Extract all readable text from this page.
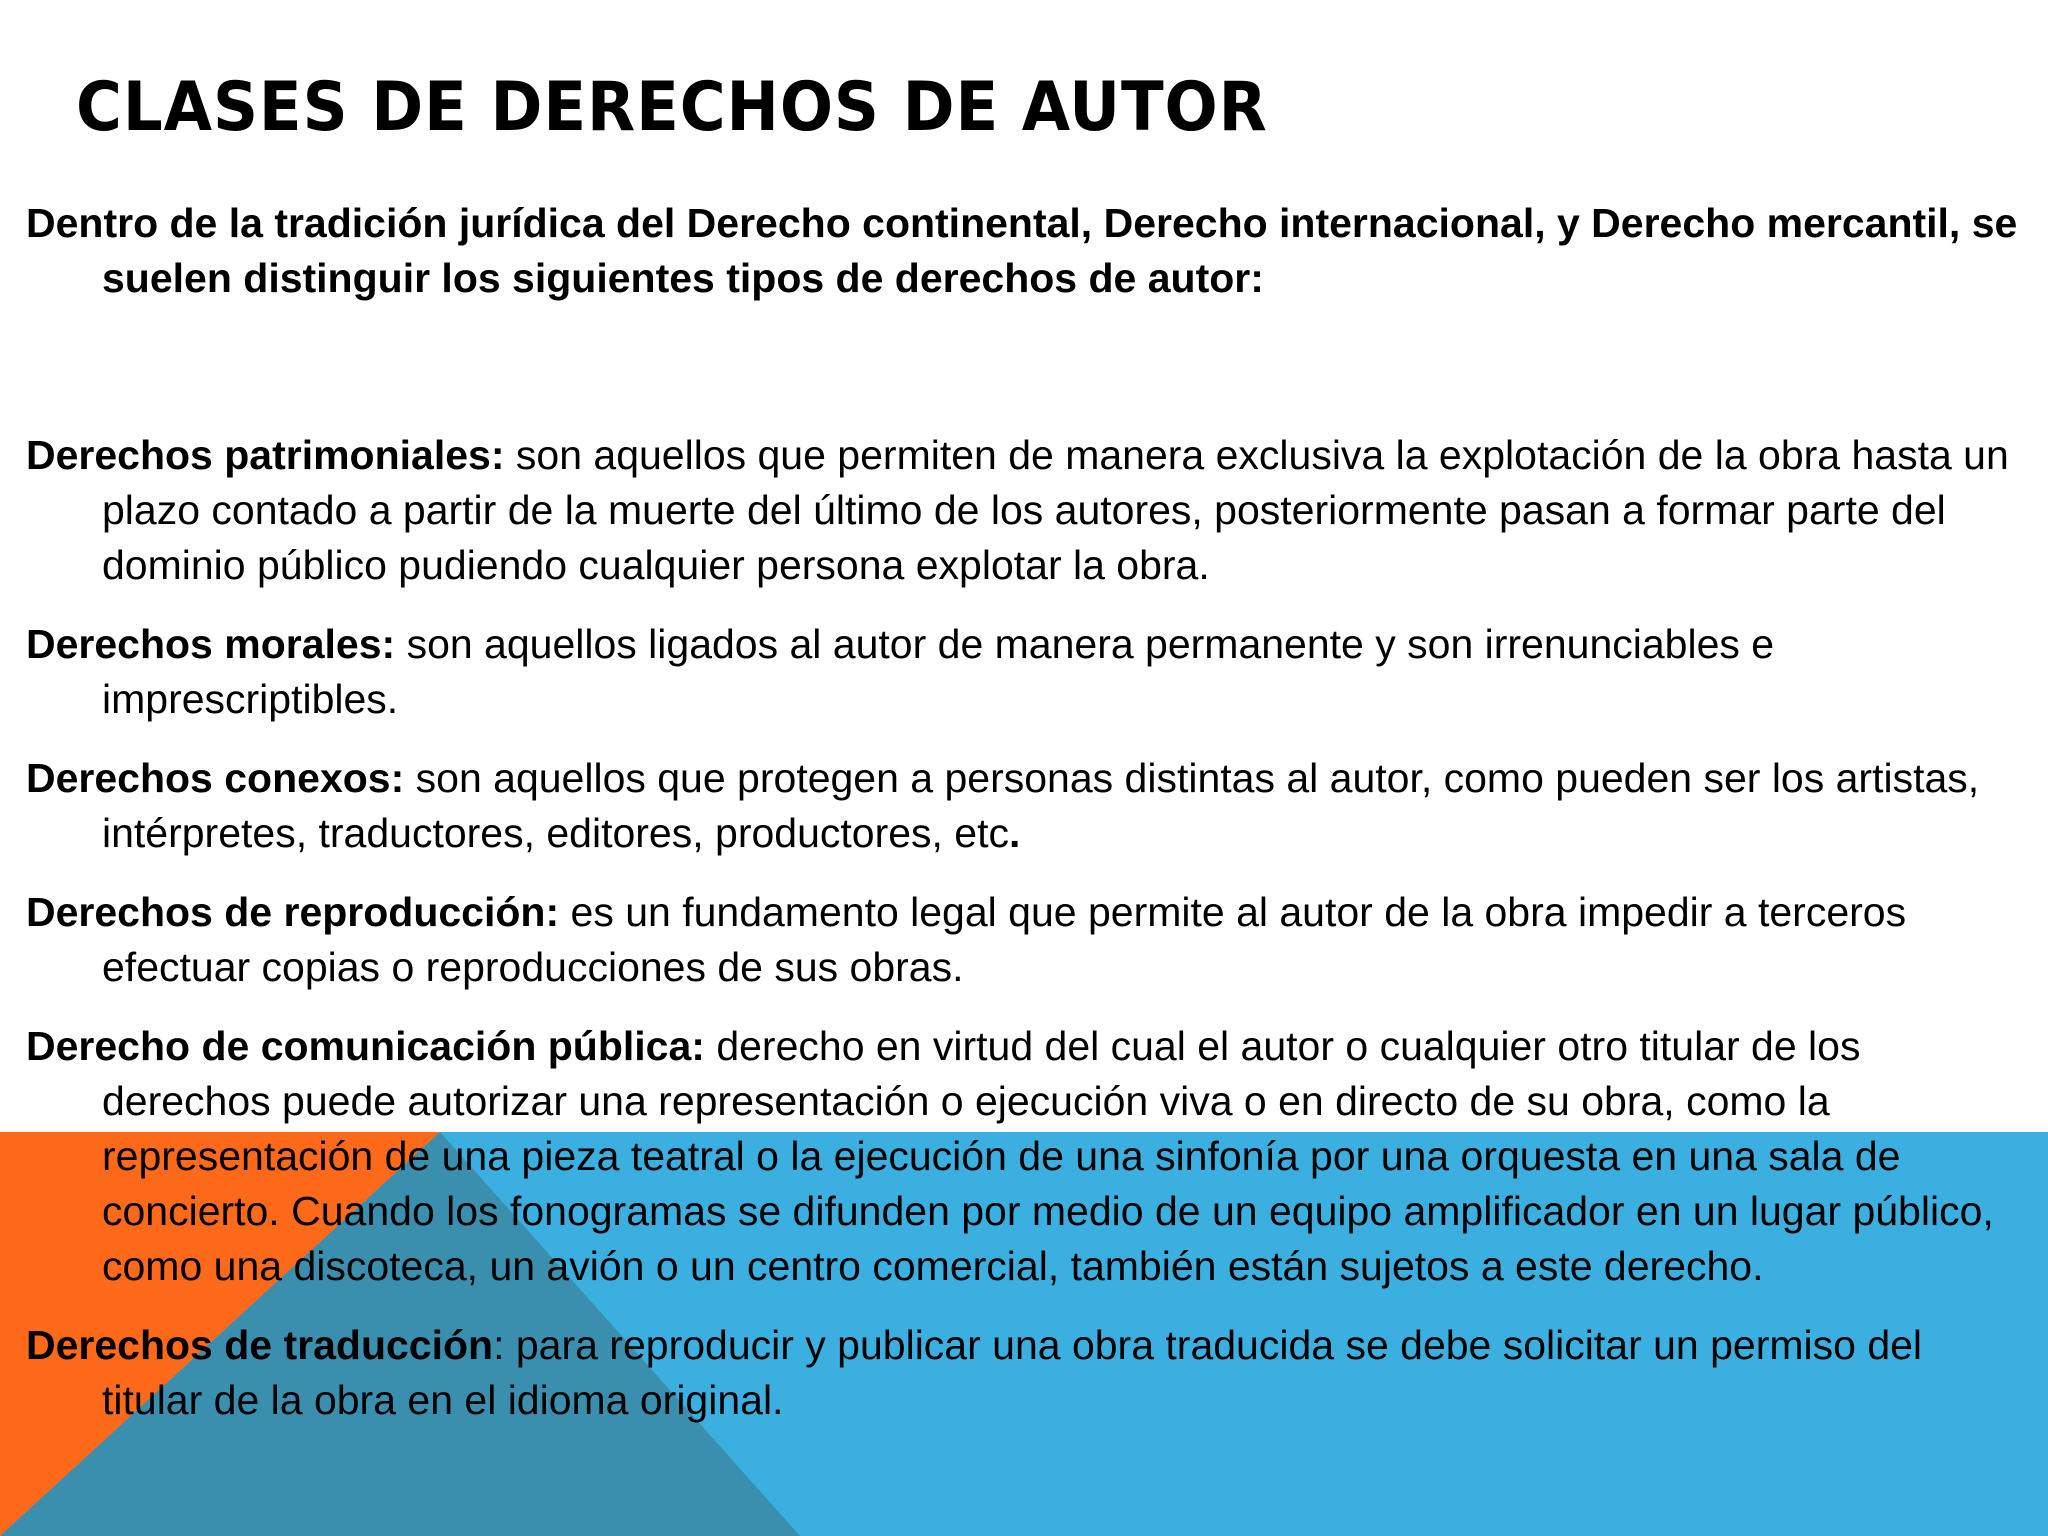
CLASES DE DERECHOS DE AUTOR

Dentro de la tradición jurídica del Derecho continental, Derecho internacional, y Derecho mercantil, se suelen distinguir los siguientes tipos de derechos de autor:

Derechos patrimoniales: son aquellos que permiten de manera exclusiva la explotación de la obra hasta un plazo contado a partir de la muerte del último de los autores, posteriormente pasan a formar parte del dominio público pudiendo cualquier persona explotar la obra.

Derechos morales: son aquellos ligados al autor de manera permanente y son irrenunciables e imprescriptibles.

Derechos conexos: son aquellos que protegen a personas distintas al autor, como pueden ser los artistas, intérpretes, traductores, editores, productores, etc.

Derechos de reproducción: es un fundamento legal que permite al autor de la obra impedir a terceros efectuar copias o reproducciones de sus obras.

Derecho de comunicación pública: derecho en virtud del cual el autor o cualquier otro titular de los derechos puede autorizar una representación o ejecución viva o en directo de su obra, como la representación de una pieza teatral o la ejecución de una sinfonía por una orquesta en una sala de concierto. Cuando los fonogramas se difunden por medio de un equipo amplificador en un lugar público, como una discoteca, un avión o un centro comercial, también están sujetos a este derecho.

Derechos de traducción: para reproducir y publicar una obra traducida se debe solicitar un permiso del titular de la obra en el idioma original.
